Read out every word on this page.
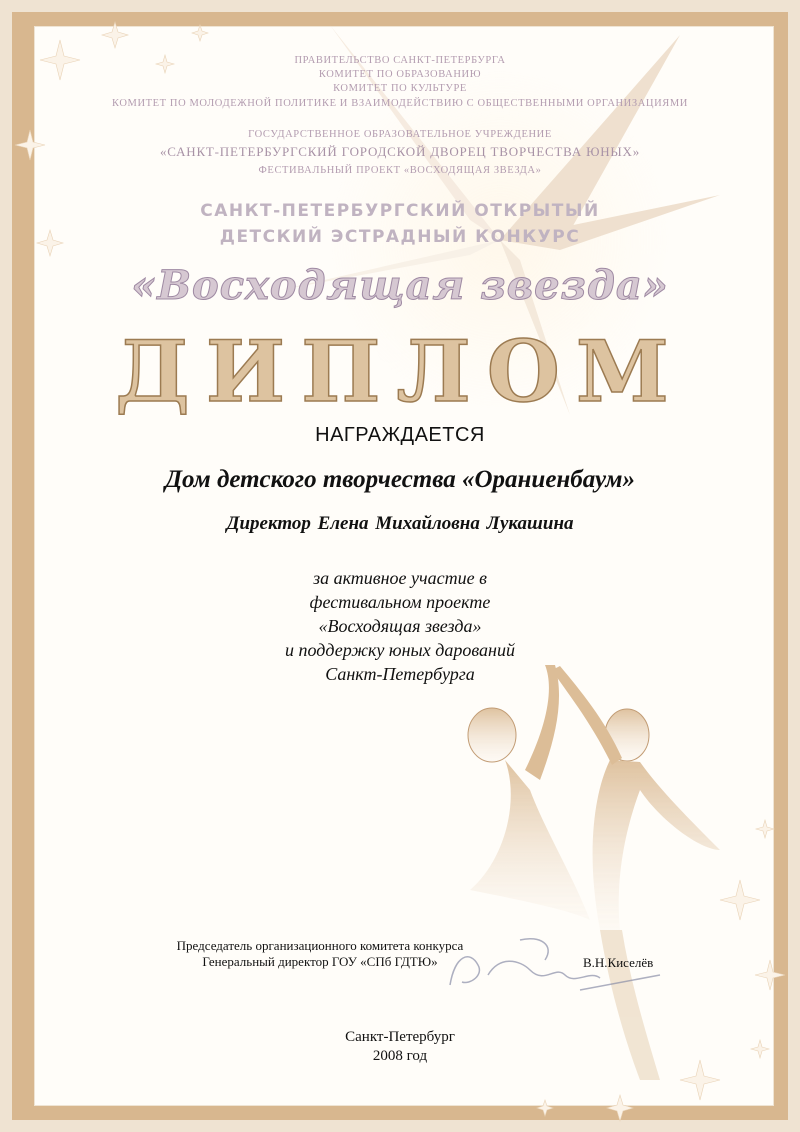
ПРАВИТЕЛЬСТВО САНКТ-ПЕТЕРБУРГА

КОМИТЕТ ПО ОБРАЗОВАНИЮ

КОМИТЕТ ПО КУЛЬТУРЕ

КОМИТЕТ ПО МОЛОДЕЖНОЙ ПОЛИТИКЕ И ВЗАИМОДЕЙСТВИЮ С ОБЩЕСТВЕННЫМИ ОРГАНИЗАЦИЯМИ

ГОСУДАРСТВЕННОЕ ОБРАЗОВАТЕЛЬНОЕ УЧРЕЖДЕНИЕ

«САНКТ-ПЕТЕРБУРГСКИЙ ГОРОДСКОЙ ДВОРЕЦ ТВОРЧЕСТВА ЮНЫХ»

ФЕСТИВАЛЬНЫЙ ПРОЕКТ «ВОСХОДЯЩАЯ ЗВЕЗДА»

САНКТ-ПЕТЕРБУРГСКИЙ ОТКРЫТЫЙ

ДЕТСКИЙ ЭСТРАДНЫЙ КОНКУРС

«Восходящая звезда»

ДИПЛОМ

НАГРАЖДАЕТСЯ

Дом детского творчества «Ораниенбаум»

Директор Елена Михайловна Лукашина

за активное участие в
фестивальном проекте
«Восходящая звезда»
и поддержку юных дарований
Санкт-Петербурга
Председатель организационного комитета конкурса
Генеральный директор ГОУ «СПб ГДТЮ»	В.Н.Киселёв
Санкт-Петербург
2008 год
